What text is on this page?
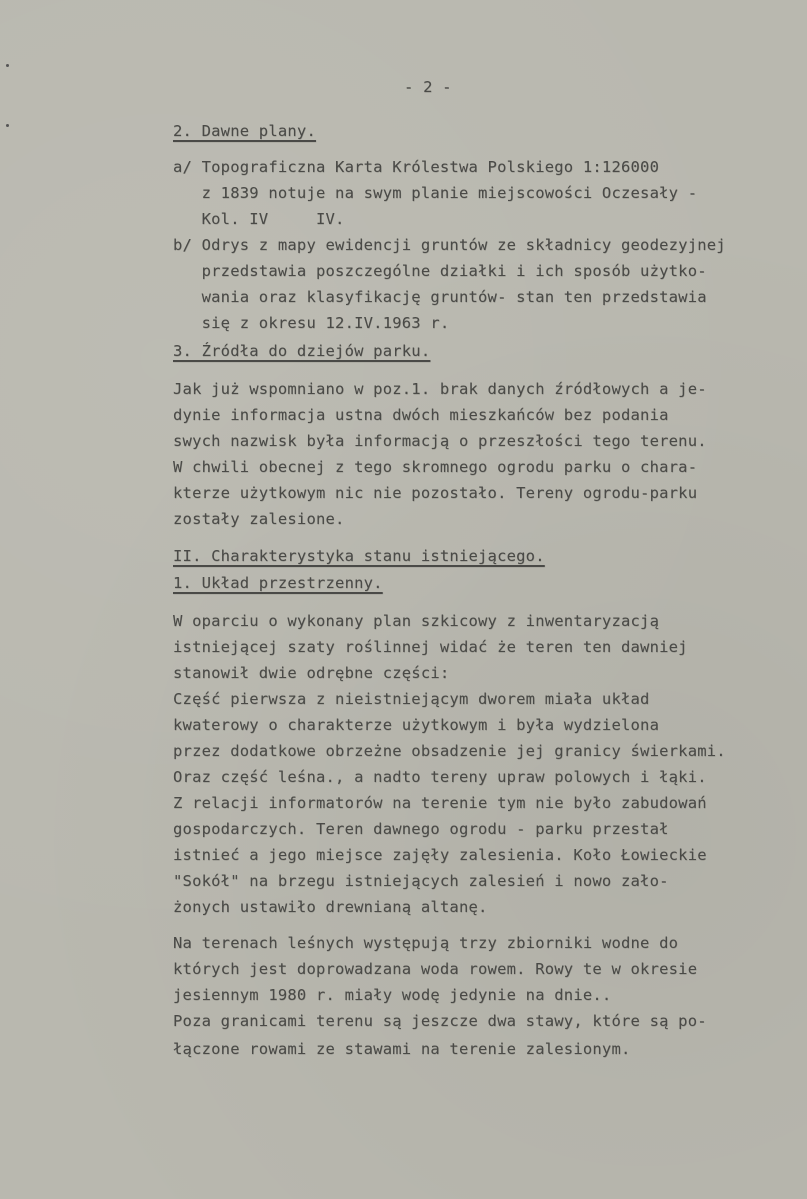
- 2 -
2. Dawne plany.
a/ Topograficzna Karta Królestwa Polskiego 1:126000
z 1839 notuje na swym planie miejscowości Oczesały -
Kol. IV     IV.
b/ Odrys z mapy ewidencji gruntów ze składnicy geodezyjnej
przedstawia poszczególne działki i ich sposób użytko-
wania oraz klasyfikację gruntów- stan ten przedstawia
się z okresu 12.IV.1963 r.
3. Źródła do dziejów parku.
Jak już wspomniano w poz.1. brak danych źródłowych a je-
dynie informacja ustna dwóch mieszkańców bez podania
swych nazwisk była informacją o przeszłości tego terenu.
W chwili obecnej z tego skromnego ogrodu parku o chara-
kterze użytkowym nic nie pozostało. Tereny ogrodu-parku
zostały zalesione.
II. Charakterystyka stanu istniejącego.
1. Układ przestrzenny.
W oparciu o wykonany plan szkicowy z inwentaryzacją
istniejącej szaty roślinnej widać że teren ten dawniej
stanowił dwie odrębne części:
Część pierwsza z nieistniejącym dworem miała układ
kwaterowy o charakterze użytkowym i była wydzielona
przez dodatkowe obrzeżne obsadzenie jej granicy świerkami.
Oraz część leśna., a nadto tereny upraw polowych i łąki.
Z relacji informatorów na terenie tym nie było zabudowań
gospodarczych. Teren dawnego ogrodu - parku przestał
istnieć a jego miejsce zajęły zalesienia. Koło Łowieckie
"Sokół" na brzegu istniejących zalesień i nowo zało-
żonych ustawiło drewnianą altanę.
Na terenach leśnych występują trzy zbiorniki wodne do
których jest doprowadzana woda rowem. Rowy te w okresie
jesiennym 1980 r. miały wodę jedynie na dnie..
Poza granicami terenu są jeszcze dwa stawy, które są po-
łączone rowami ze stawami na terenie zalesionym.
